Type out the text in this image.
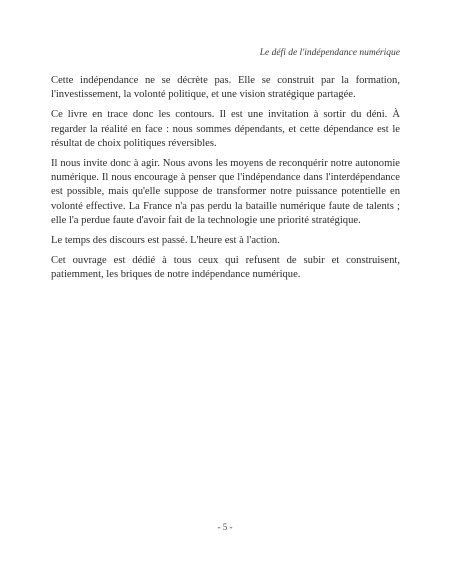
Le défi de l'indépendance numérique

Cette indépendance ne se décrète pas. Elle se construit par la formation, l'investissement, la volonté politique, et une vision stratégique partagée.

Ce livre en trace donc les contours. Il est une invitation à sortir du déni. À regarder la réalité en face : nous sommes dépendants, et cette dépendance est le résultat de choix politiques réversibles.

Il nous invite donc à agir. Nous avons les moyens de reconquérir notre autonomie numérique. Il nous encourage à penser que l'indépendance dans l'interdépendance est possible, mais qu'elle suppose de transformer notre puissance potentielle en volonté effective. La France n'a pas perdu la bataille numérique faute de talents ; elle l'a perdue faute d'avoir fait de la technologie une priorité stratégique.

Le temps des discours est passé. L'heure est à l'action.

Cet ouvrage est dédié à tous ceux qui refusent de subir et construisent, patiemment, les briques de notre indépendance numérique.

- 5 -
